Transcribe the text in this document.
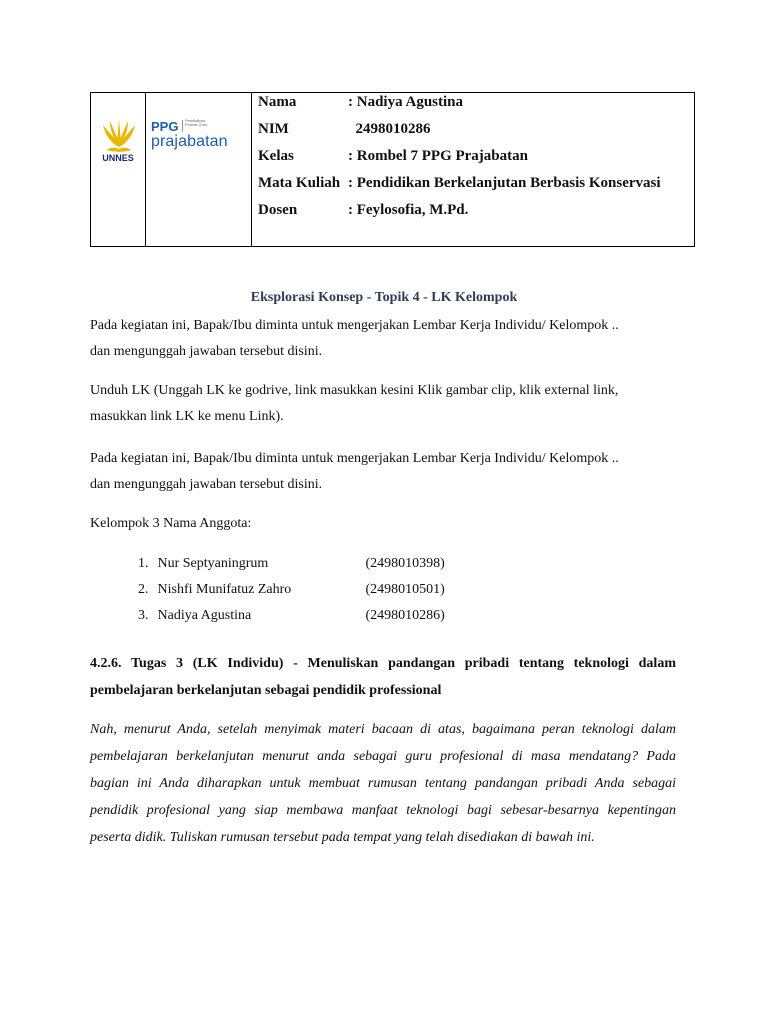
UNNES
PPG Pendidikan Profesi Guru
prajabatan
Nama	: Nadiya Agustina
NIM	2498010286
Kelas	: Rombel 7 PPG Prajabatan
Mata Kuliah : Pendidikan Berkelanjutan Berbasis Konservasi
Dosen	: Feylosofia, M.Pd.
Eksplorasi Konsep - Topik 4 - LK Kelompok
Pada kegiatan ini, Bapak/Ibu diminta untuk mengerjakan Lembar Kerja Individu/ Kelompok ..
dan mengunggah jawaban tersebut disini.
Unduh LK (Unggah LK ke godrive, link masukkan kesini Klik gambar clip, klik external link,
masukkan link LK ke menu Link).
Pada kegiatan ini, Bapak/Ibu diminta untuk mengerjakan Lembar Kerja Individu/ Kelompok ..
dan mengunggah jawaban tersebut disini.
Kelompok 3 Nama Anggota:
1. Nur Septyaningrum	(2498010398)
2. Nishfi Munifatuz Zahro	(2498010501)
3. Nadiya Agustina	(2498010286)
4.2.6. Tugas 3 (LK Individu) - Menuliskan pandangan pribadi tentang teknologi dalam
pembelajaran berkelanjutan sebagai pendidik professional
Nah, menurut Anda, setelah menyimak materi bacaan di atas, bagaimana peran teknologi dalam
pembelajaran berkelanjutan menurut anda sebagai guru profesional di masa mendatang? Pada
bagian ini Anda diharapkan untuk membuat rumusan tentang pandangan pribadi Anda sebagai
pendidik profesional yang siap membawa manfaat teknologi bagi sebesar-besarnya kepentingan
peserta didik. Tuliskan rumusan tersebut pada tempat yang telah disediakan di bawah ini.
